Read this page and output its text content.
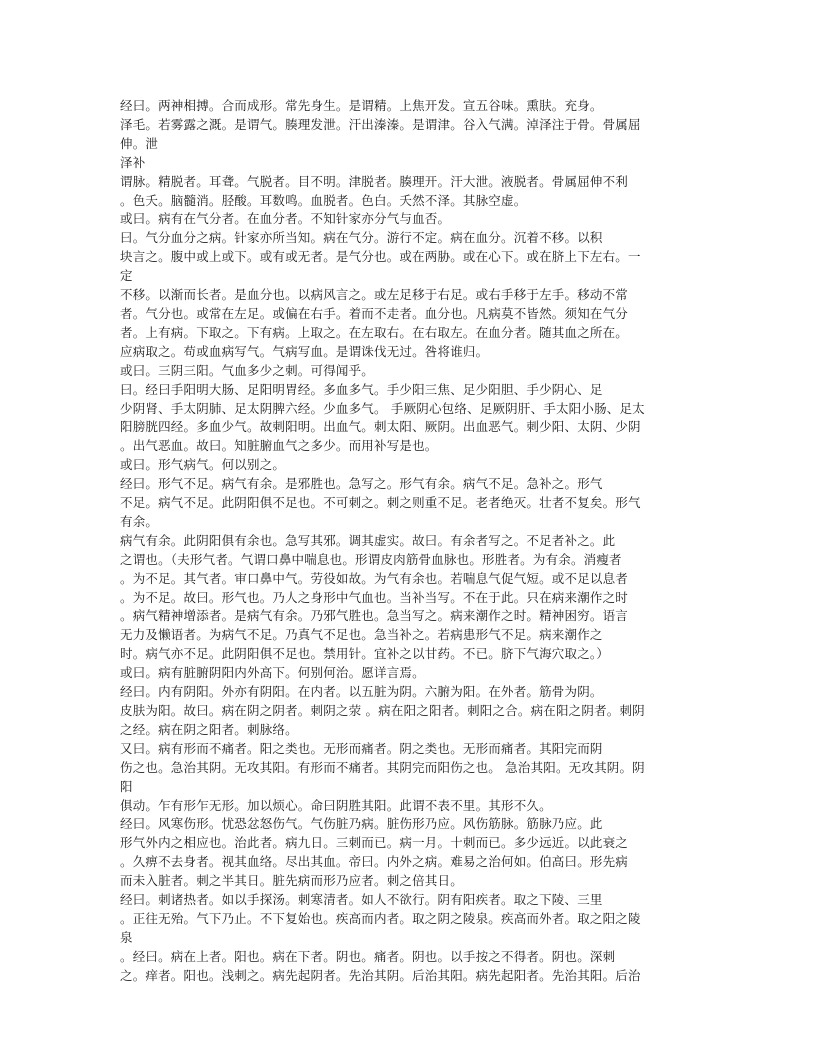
经曰。两神相搏。合而成形。常先身生。是谓精。上焦开发。宣五谷味。熏肤。充身。
泽毛。若雾露之溉。是谓气。腠理发泄。汗出溱溱。是谓津。谷入气满。淖泽注于骨。骨属屈
伸。泄
泽补
谓脉。精脱者。耳聋。气脱者。目不明。津脱者。腠理开。汗大泄。液脱者。骨属屈伸不利
。色夭。脑髓消。胫酸。耳数鸣。血脱者。色白。夭然不泽。其脉空虚。
或曰。病有在气分者。在血分者。不知针家亦分气与血否。
曰。气分血分之病。针家亦所当知。病在气分。游行不定。病在血分。沉着不移。以积
块言之。腹中或上或下。或有或无者。是气分也。或在两胁。或在心下。或在脐上下左右。一
定
不移。以渐而长者。是血分也。以病风言之。或左足移于右足。或右手移于左手。移动不常
者。气分也。或常在左足。或偏在右手。着而不走者。血分也。凡病莫不皆然。须知在气分
者。上有病。下取之。下有病。上取之。在左取右。在右取左。在血分者。随其血之所在。
应病取之。苟或血病写气。气病写血。是谓诛伐无过。咎将谁归。
或曰。三阴三阳。气血多少之刺。可得闻乎。
曰。经曰手阳明大肠、足阳明胃经。多血多气。手少阳三焦、足少阳胆、手少阴心、足
少阴肾、手太阴肺、足太阴脾六经。少血多气。 手厥阴心包络、足厥阴肝、手太阳小肠、足太
阳膀胱四经。多血少气。故刺阳明。出血气。刺太阳、厥阴。出血恶气。刺少阳、太阴、少阴
。出气恶血。故曰。知脏腑血气之多少。而用补写是也。
或曰。形气病气。何以别之。
经曰。形气不足。病气有余。是邪胜也。急写之。形气有余。病气不足。急补之。形气
不足。病气不足。此阴阳俱不足也。不可刺之。刺之则重不足。老者绝灭。壮者不复矣。形气
有余。
病气有余。此阴阳俱有余也。急写其邪。调其虚实。故曰。有余者写之。不足者补之。此
之谓也。（夫形气者。气谓口鼻中喘息也。形谓皮肉筋骨血脉也。形胜者。为有余。消瘦者
。为不足。其气者。审口鼻中气。劳役如故。为气有余也。若喘息气促气短。或不足以息者
。为不足。故曰。形气也。乃人之身形中气血也。当补当写。不在于此。只在病来潮作之时
。病气精神增添者。是病气有余。乃邪气胜也。急当写之。病来潮作之时。精神困穷。语言
无力及懒语者。为病气不足。乃真气不足也。急当补之。若病患形气不足。病来潮作之
时。病气亦不足。此阴阳俱不足也。禁用针。宜补之以甘药。不已。脐下气海穴取之。）
或曰。病有脏腑阴阳内外高下。何别何治。愿详言焉。
经曰。内有阴阳。外亦有阴阳。在内者。以五脏为阴。六腑为阳。在外者。筋骨为阴。
皮肤为阳。故曰。病在阴之阴者。刺阴之荥 。病在阳之阳者。刺阳之合。病在阳之阴者。刺阴
之经。病在阴之阳者。刺脉络。
又曰。病有形而不痛者。阳之类也。无形而痛者。阴之类也。无形而痛者。其阳完而阴
伤之也。急治其阴。无攻其阳。有形而不痛者。其阴完而阳伤之也。 急治其阳。无攻其阴。阴
阳
俱动。乍有形乍无形。加以烦心。命曰阴胜其阳。此谓不表不里。其形不久。
经曰。风寒伤形。忧恐忿怒伤气。气伤脏乃病。脏伤形乃应。风伤筋脉。筋脉乃应。此
形气外内之相应也。治此者。病九日。三刺而已。病一月。十刺而已。多少远近。以此衰之
。久痹不去身者。视其血络。尽出其血。帝曰。内外之病。难易之治何如。伯高曰。形先病
而未入脏者。刺之半其日。脏先病而形乃应者。刺之倍其日。
经曰。刺诸热者。如以手探汤。刺寒清者。如人不欲行。阴有阳疾者。取之下陵、三里
。正往无殆。气下乃止。不下复始也。疾高而内者。取之阴之陵泉。疾高而外者。取之阳之陵
泉
。经曰。病在上者。阳也。病在下者。阴也。痛者。阴也。以手按之不得者。阴也。深刺
之。痒者。阳也。浅刺之。病先起阴者。先治其阴。后治其阳。病先起阳者。先治其阳。后治
